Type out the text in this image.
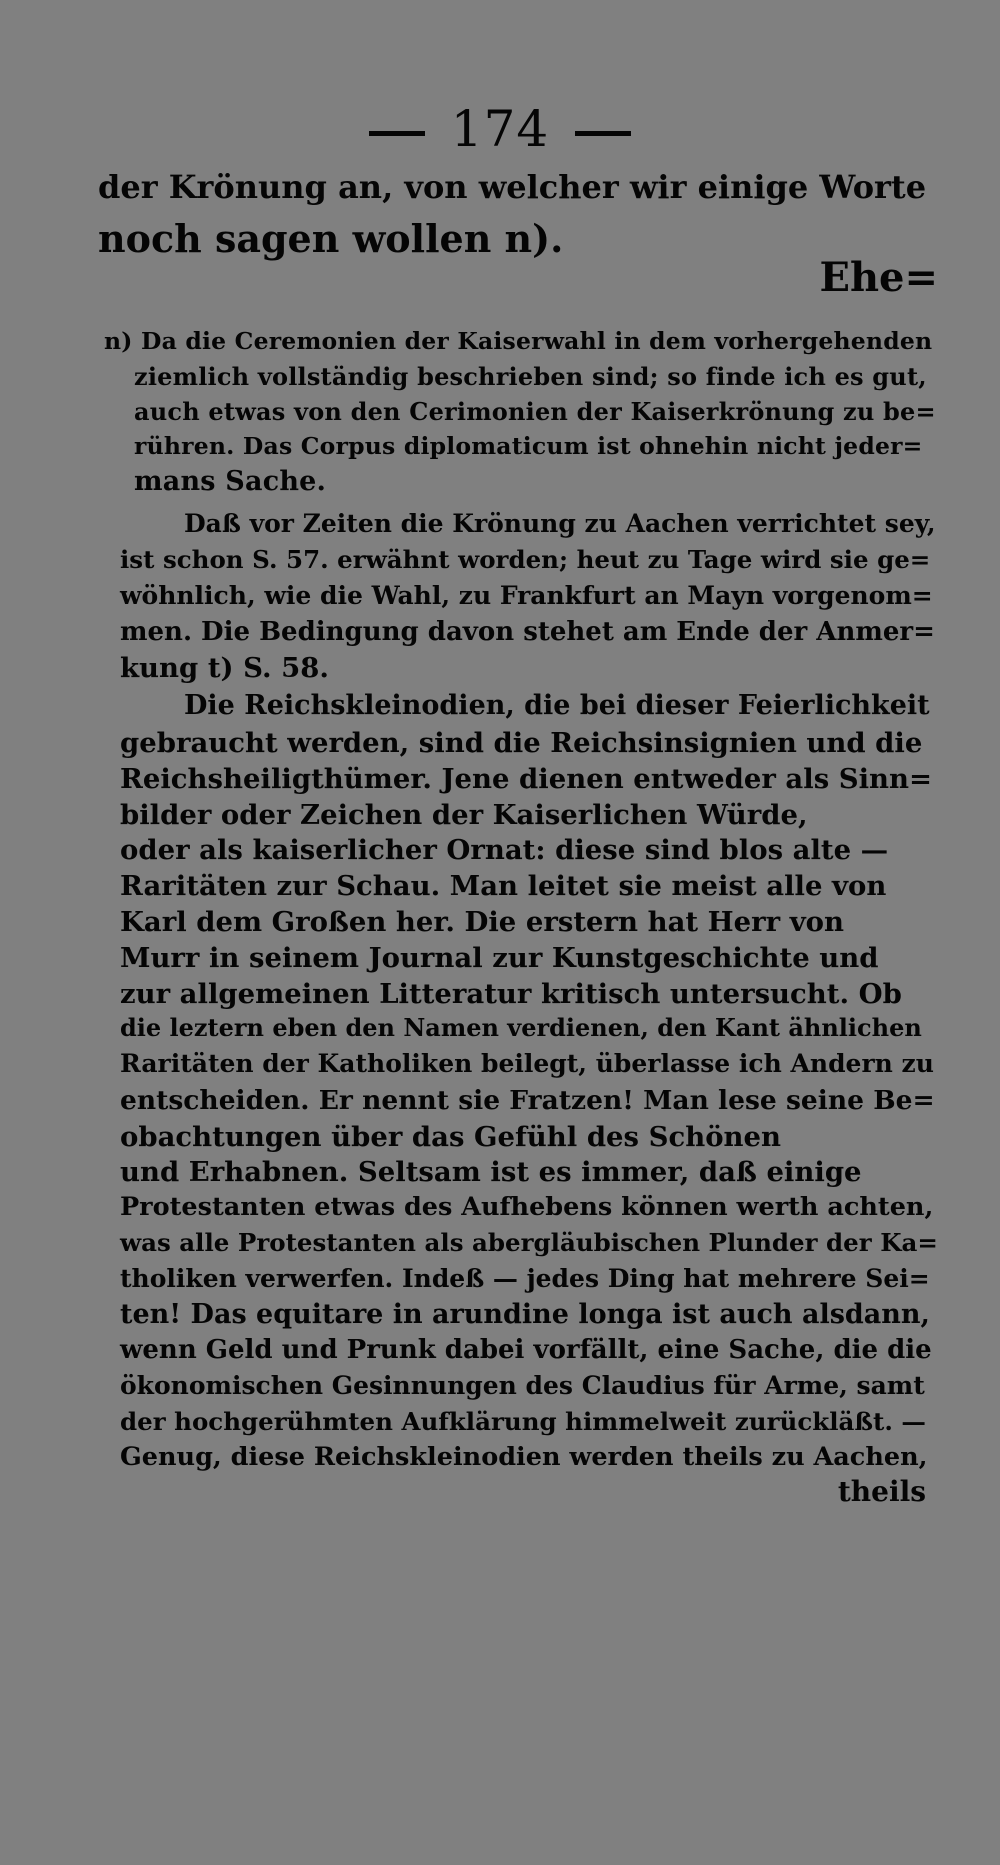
174
der Krönung an, von welcher wir einige Worte
noch sagen wollen n).
Ehe=
n) Da die Ceremonien der Kaiserwahl in dem vorhergehenden
ziemlich vollständig beschrieben sind; so finde ich es gut,
auch etwas von den Cerimonien der Kaiserkrönung zu be=
rühren. Das Corpus diplomaticum ist ohnehin nicht jeder=
mans Sache.
Daß vor Zeiten die Krönung zu Aachen verrichtet sey,
ist schon S. 57. erwähnt worden; heut zu Tage wird sie ge=
wöhnlich, wie die Wahl, zu Frankfurt an Mayn vorgenom=
men. Die Bedingung davon stehet am Ende der Anmer=
kung t) S. 58.
Die Reichskleinodien, die bei dieser Feierlichkeit
gebraucht werden, sind die Reichsinsignien und die
Reichsheiligthümer. Jene dienen entweder als Sinn=
bilder oder Zeichen der Kaiserlichen Würde,
oder als kaiserlicher Ornat: diese sind blos alte —
Raritäten zur Schau. Man leitet sie meist alle von
Karl dem Großen her. Die erstern hat Herr von
Murr in seinem Journal zur Kunstgeschichte und
zur allgemeinen Litteratur kritisch untersucht. Ob
die leztern eben den Namen verdienen, den Kant ähnlichen
Raritäten der Katholiken beilegt, überlasse ich Andern zu
entscheiden. Er nennt sie Fratzen! Man lese seine Be=
obachtungen über das Gefühl des Schönen
und Erhabnen. Seltsam ist es immer, daß einige
Protestanten etwas des Aufhebens können werth achten,
was alle Protestanten als abergläubischen Plunder der Ka=
tholiken verwerfen. Indeß — jedes Ding hat mehrere Sei=
ten! Das equitare in arundine longa ist auch alsdann,
wenn Geld und Prunk dabei vorfällt, eine Sache, die die
ökonomischen Gesinnungen des Claudius für Arme, samt
der hochgerühmten Aufklärung himmelweit zurückläßt. —
Genug, diese Reichskleinodien werden theils zu Aachen,
theils
